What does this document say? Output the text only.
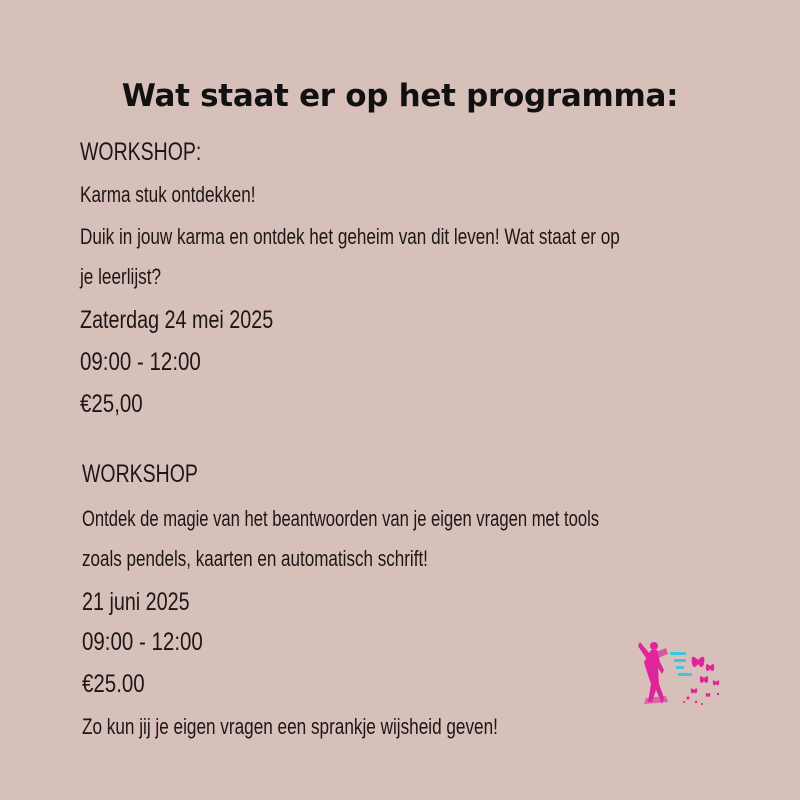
Wat staat er op het programma:
WORKSHOP:
Karma stuk ontdekken!
Duik in jouw karma en ontdek het geheim van dit leven! Wat staat er op
je leerlijst?
Zaterdag 24 mei 2025
09:00 - 12:00
€25,00
WORKSHOP
Ontdek de magie van het beantwoorden van je eigen vragen met tools
zoals pendels, kaarten en automatisch schrift!
21 juni 2025
09:00 - 12:00
€25.00
Zo kun jij je eigen vragen een sprankje wijsheid geven!
